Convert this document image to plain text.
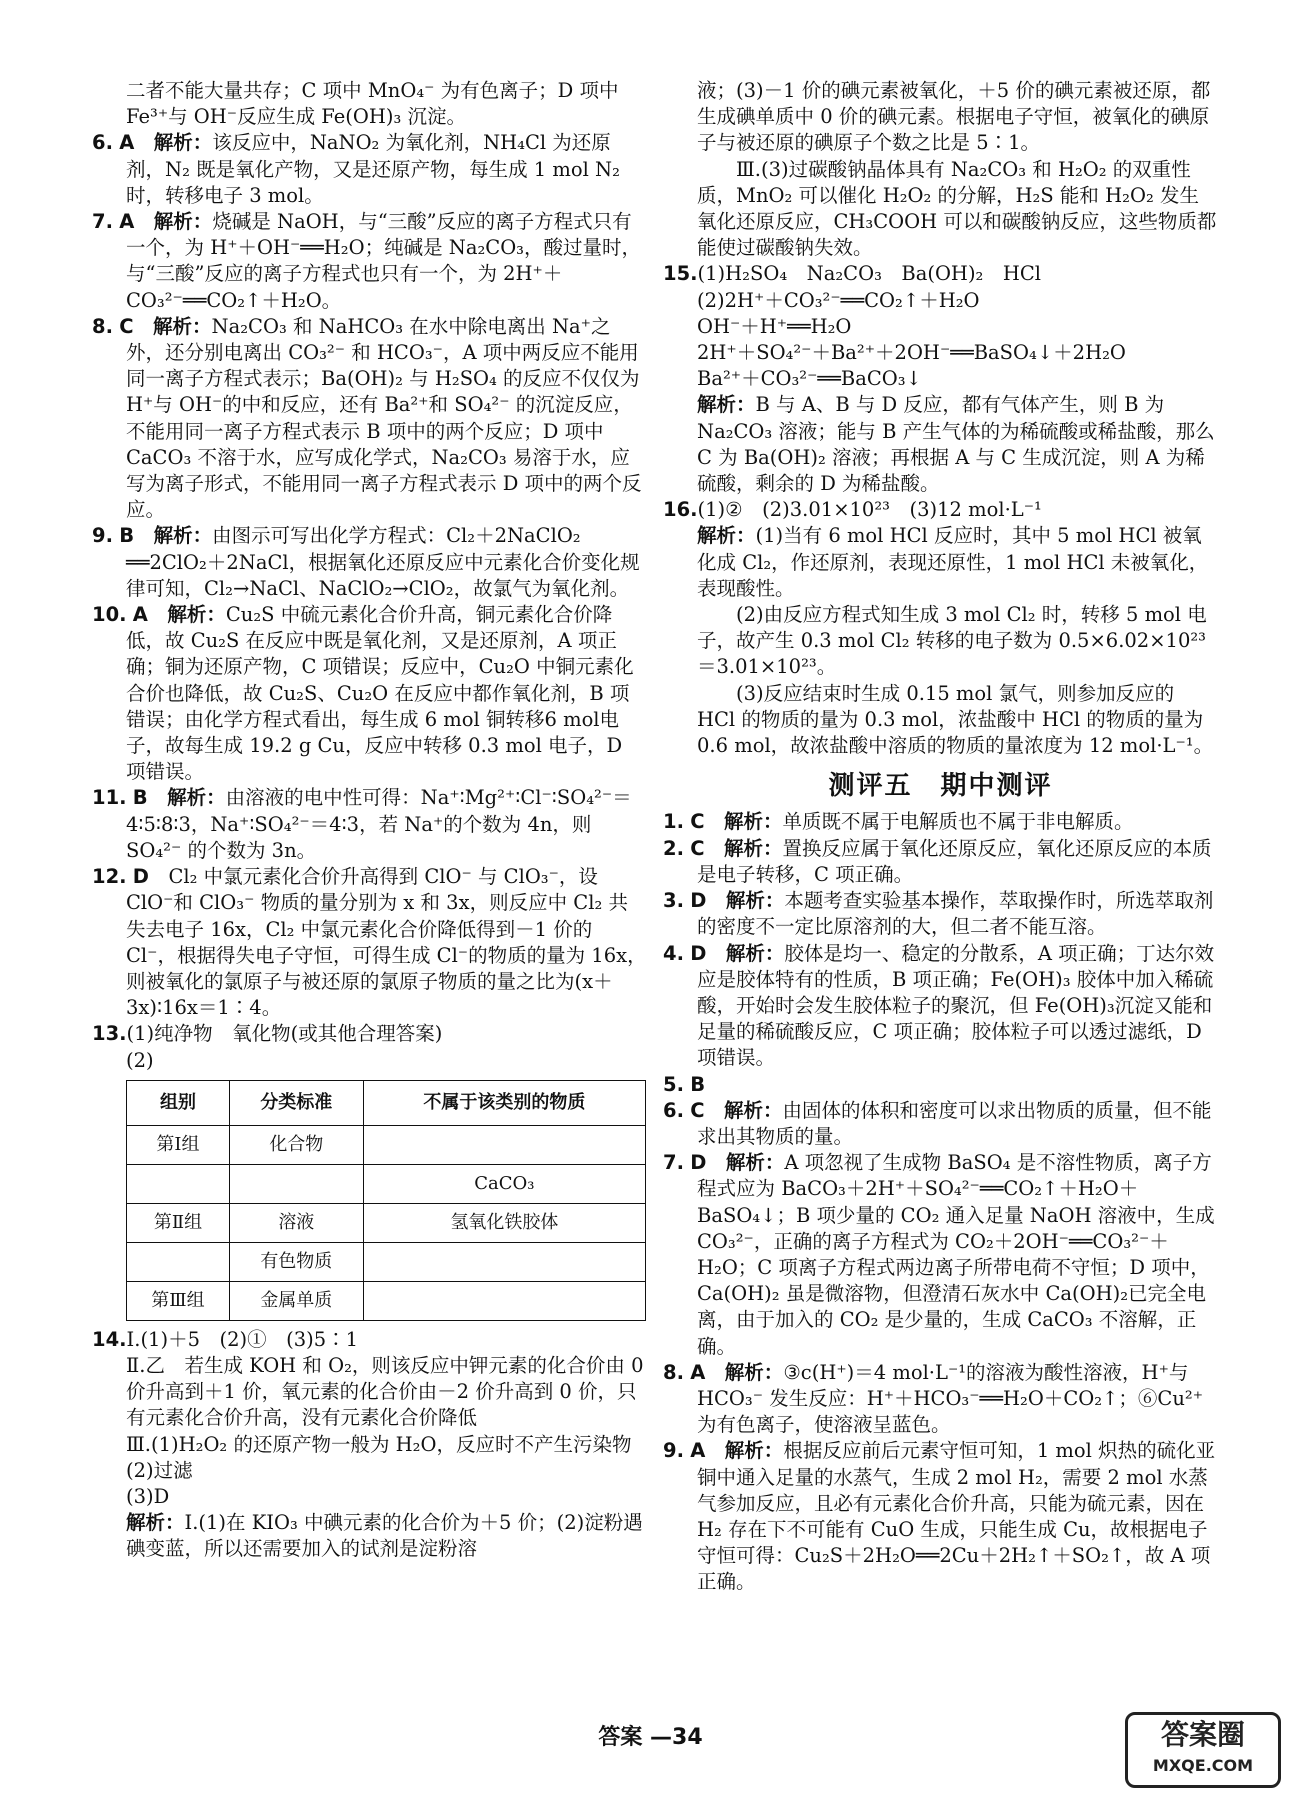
二者不能大量共存；C 项中 MnO₄⁻ 为有色离子；D 项中 Fe³⁺与 OH⁻反应生成 Fe(OH)₃ 沉淀。

6. A　 解析：该反应中，NaNO₂ 为氧化剂，NH₄Cl 为还原剂，N₂ 既是氧化产物，又是还原产物，每生成 1 mol N₂ 时，转移电子 3 mol。

7. A　 解析：烧碱是 NaOH，与“三酸”反应的离子方程式只有一个，为 H⁺＋OH⁻══H₂O；纯碱是 Na₂CO₃，酸过量时，与“三酸”反应的离子方程式也只有一个，为 2H⁺＋CO₃²⁻══CO₂↑＋H₂O。

8. C　 解析：Na₂CO₃ 和 NaHCO₃ 在水中除电离出 Na⁺之外，还分别电离出 CO₃²⁻ 和 HCO₃⁻，A 项中两反应不能用同一离子方程式表示；Ba(OH)₂ 与 H₂SO₄ 的反应不仅仅为 H⁺与 OH⁻的中和反应，还有 Ba²⁺和 SO₄²⁻ 的沉淀反应，不能用同一离子方程式表示 B 项中的两个反应；D 项中 CaCO₃ 不溶于水，应写成化学式，Na₂CO₃ 易溶于水，应写为离子形式，不能用同一离子方程式表示 D 项中的两个反应。

9. B　 解析：由图示可写出化学方程式：Cl₂＋2NaClO₂ ══2ClO₂＋2NaCl，根据氧化还原反应中元素化合价变化规律可知，Cl₂→NaCl、NaClO₂→ClO₂，故氯气为氧化剂。

10. A　 解析：Cu₂S 中硫元素化合价升高，铜元素化合价降低，故 Cu₂S 在反应中既是氧化剂，又是还原剂，A 项正确；铜为还原产物，C 项错误；反应中，Cu₂O 中铜元素化合价也降低，故 Cu₂S、Cu₂O 在反应中都作氧化剂，B 项错误；由化学方程式看出，每生成 6 mol 铜转移6 mol电子，故每生成 19.2 g Cu，反应中转移 0.3 mol 电子，D 项错误。

11. B　 解析：由溶液的电中性可得：Na⁺∶Mg²⁺∶Cl⁻∶SO₄²⁻＝4∶5∶8∶3，Na⁺∶SO₄²⁻＝4∶3，若 Na⁺的个数为 4n，则 SO₄²⁻ 的个数为 3n。

12. D　 Cl₂ 中氯元素化合价升高得到 ClO⁻ 与 ClO₃⁻，设 ClO⁻和 ClO₃⁻ 物质的量分别为 x 和 3x，则反应中 Cl₂ 共失去电子 16x，Cl₂ 中氯元素化合价降低得到－1 价的 Cl⁻，根据得失电子守恒，可得生成 Cl⁻的物质的量为 16x，则被氧化的氯原子与被还原的氯原子物质的量之比为(x＋3x)∶16x＝1∶4。

13.(1)纯净物　氧化物(或其他合理答案)

(2)

组别	分类标准	不属于该类别的物质
第Ⅰ组	化合物	
		CaCO₃
第Ⅱ组	溶液	氢氧化铁胶体
	有色物质	
第Ⅲ组	金属单质	

14.Ⅰ.(1)＋5　(2)①　(3)5∶1

Ⅱ.乙　若生成 KOH 和 O₂，则该反应中钾元素的化合价由 0 价升高到＋1 价，氧元素的化合价由－2 价升高到 0 价，只有元素化合价升高，没有元素化合价降低

Ⅲ.(1)H₂O₂ 的还原产物一般为 H₂O，反应时不产生污染物

(2)过滤

(3)D

解析：Ⅰ.(1)在 KIO₃ 中碘元素的化合价为＋5 价；(2)淀粉遇碘变蓝，所以还需要加入的试剂是淀粉溶

液；(3)－1 价的碘元素被氧化，＋5 价的碘元素被还原，都生成碘单质中 0 价的碘元素。根据电子守恒，被氧化的碘原子与被还原的碘原子个数之比是 5∶1。

Ⅲ.(3)过碳酸钠晶体具有 Na₂CO₃ 和 H₂O₂ 的双重性质，MnO₂ 可以催化 H₂O₂ 的分解，H₂S 能和 H₂O₂ 发生氧化还原反应，CH₃COOH 可以和碳酸钠反应，这些物质都能使过碳酸钠失效。

15.(1)H₂SO₄　Na₂CO₃　Ba(OH)₂　HCl

(2)2H⁺＋CO₃²⁻══CO₂↑＋H₂O

OH⁻＋H⁺══H₂O

2H⁺＋SO₄²⁻＋Ba²⁺＋2OH⁻══BaSO₄↓＋2H₂O

Ba²⁺＋CO₃²⁻══BaCO₃↓

解析：B 与 A、B 与 D 反应，都有气体产生，则 B 为 Na₂CO₃ 溶液；能与 B 产生气体的为稀硫酸或稀盐酸，那么 C 为 Ba(OH)₂ 溶液；再根据 A 与 C 生成沉淀，则 A 为稀硫酸，剩余的 D 为稀盐酸。

16.(1)②　(2)3.01×10²³　(3)12 mol·L⁻¹

解析：(1)当有 6 mol HCl 反应时，其中 5 mol HCl 被氧化成 Cl₂，作还原剂，表现还原性，1 mol HCl 未被氧化，表现酸性。

(2)由反应方程式知生成 3 mol Cl₂ 时，转移 5 mol 电子，故产生 0.3 mol Cl₂ 转移的电子数为 0.5×6.02×10²³＝3.01×10²³。

(3)反应结束时生成 0.15 mol 氯气，则参加反应的 HCl 的物质的量为 0.3 mol，浓盐酸中 HCl 的物质的量为 0.6 mol，故浓盐酸中溶质的物质的量浓度为 12 mol·L⁻¹。

测评五　期中测评

1. C　 解析：单质既不属于电解质也不属于非电解质。

2. C　 解析：置换反应属于氧化还原反应，氧化还原反应的本质是电子转移，C 项正确。

3. D　 解析：本题考查实验基本操作，萃取操作时，所选萃取剂的密度不一定比原溶剂的大，但二者不能互溶。

4. D　 解析：胶体是均一、稳定的分散系，A 项正确；丁达尔效应是胶体特有的性质，B 项正确；Fe(OH)₃ 胶体中加入稀硫酸，开始时会发生胶体粒子的聚沉，但 Fe(OH)₃沉淀又能和足量的稀硫酸反应，C 项正确；胶体粒子可以透过滤纸，D 项错误。

5. B

6. C　 解析：由固体的体积和密度可以求出物质的质量，但不能求出其物质的量。

7. D　 解析：A 项忽视了生成物 BaSO₄ 是不溶性物质，离子方程式应为 BaCO₃＋2H⁺＋SO₄²⁻══CO₂↑＋H₂O＋BaSO₄↓；B 项少量的 CO₂ 通入足量 NaOH 溶液中，生成 CO₃²⁻，正确的离子方程式为 CO₂＋2OH⁻══CO₃²⁻＋H₂O；C 项离子方程式两边离子所带电荷不守恒；D 项中，Ca(OH)₂ 虽是微溶物，但澄清石灰水中 Ca(OH)₂已完全电离，由于加入的 CO₂ 是少量的，生成 CaCO₃ 不溶解，正确。

8. A　 解析：③c(H⁺)＝4 mol·L⁻¹的溶液为酸性溶液，H⁺与 HCO₃⁻ 发生反应：H⁺＋HCO₃⁻══H₂O＋CO₂↑；⑥Cu²⁺为有色离子，使溶液呈蓝色。

9. A　 解析：根据反应前后元素守恒可知，1 mol 炽热的硫化亚铜中通入足量的水蒸气，生成 2 mol H₂，需要 2 mol 水蒸气参加反应，且必有元素化合价升高，只能为硫元素，因在 H₂ 存在下不可能有 CuO 生成，只能生成 Cu，故根据电子守恒可得：Cu₂S＋2H₂O══2Cu＋2H₂↑＋SO₂↑，故 A 项正确。

答案 —34	答案圈
MXQE.COM
